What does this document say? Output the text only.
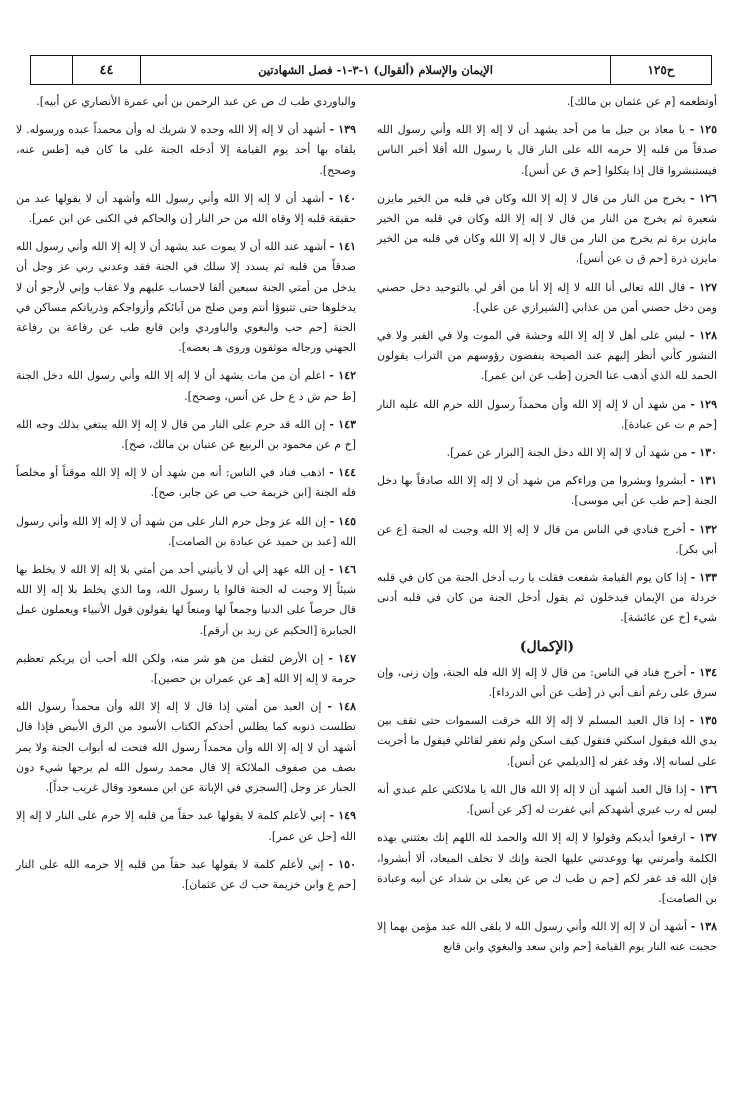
٤٤	الإيمان والإسلام (ألقوال) ١-٣-١- فصل الشهادتين	ح١٢٥

أوتطعمه [م عن عثمان بن مالك].

١٢٥ - يا معاذ بن جبل ما من أحد يشهد أن لا إله إلا الله وأني رسول الله صدقاً من قلبه إلا حرمه الله على النار قال يا رسول الله أفلا أخبر الناس فيستبشروا قال إذا يتكلوا [حم ق عن أنس].

١٢٦ - يخرج من النار من قال لا إله إلا الله وكان في قلبه من الخير مايزن شعيرة ثم يخرج من النار من قال لا إله إلا الله وكان في قلبه من الخير مايزن برة ثم يخرج من النار من قال لا إله إلا الله وكان في قلبه من الخير مايزن ذرة [حم ق ن عن أنس].

١٢٧ - قال الله تعالى أنا الله لا إله إلا أنا من أقر لي بالتوحيد دخل حصني ومن دخل حصني أمن من عذابي [الشيرازي عن علي].

١٢٨ - ليس على أهل لا إله إلا الله وحشة في الموت ولا في القبر ولا في النشور كأني أنظر إليهم عند الصيحة ينفضون رؤوسهم من التراب يقولون الحمد لله الذي أذهب عنا الحزن [طب عن ابن عمر].

١٢٩ - من شهد أن لا إله إلا الله وأن محمداً رسول الله حرم الله عليه النار [حم م ت عن عبادة].

١٣٠ - من شهد أن لا إله إلا الله دخل الجنة [البزار عن عمر].

١٣١ - أبشروا وبشروا من وراءكم من شهد أن لا إله إلا الله صادقاً بها دخل الجنة [حم طب عن أبي موسى].

١٣٢ - أخرج فنادي في الناس من قال لا إله إلا الله وجبت له الجنة [ع عن أبي بكر].

١٣٣ - إذا كان يوم القيامة شفعت فقلت يا رب أدخل الجنة من كان في قلبه خردلة من الإيمان فيدخلون ثم يقول أدخل الجنة من كان في قلبه أدنى شيء [خ عن عائشة].

(الإكمال)

١٣٤ - أخرج فناد في الناس: من قال لا إله إلا الله فله الجنة، وإن زنى، وإن سرق على رغم أنف أبي ذر [طب عن أبي الدرداء].

١٣٥ - إذا قال العبد المسلم لا إله إلا الله خرقت السموات حتى تقف بين يدي الله فيقول اسكني فتقول كيف اسكن ولم تغفر لقائلي فيقول ما أجريت على لسانه إلا، وقد غفر له [الديلمي عن أنس].

١٣٦ - إذا قال العبد أشهد أن لا إله إلا الله قال الله يا ملائكتي علم عبدي أنه ليس له رب غيري أشهدكم أني غفرت له [كر عن أنس].

١٣٧ - ارفعوا أيديكم وقولوا لا إله إلا الله والحمد لله اللهم إنك بعثتني بهذه الكلمة وأمرتني بها ووعدتني عليها الجنة وإنك لا تخلف الميعاد، ألا أبشروا، فإن الله قد غفر لكم [حم ن طب ك ص عن يعلى بن شداد عن أبيه وعبادة بن الصامت].

١٣٨ - أشهد أن لا إله إلا الله وأني رسول الله لا يلقى الله عبد مؤمن بهما إلا حجبت عنه النار يوم القيامة [حم وابن سعد والبغوي وابن قانع

والباوردي طب ك ص عن عبد الرحمن بن أبي عمرة الأنصاري عن أبيه].

١٣٩ - أشهد أن لا إله إلا الله وحده لا شريك له وأن محمداً عبده ورسوله. لا يلقاه بها أحد يوم القيامة إلا أدخله الجنة على ما كان فيه [طس عنه، وصحح].

١٤٠ - أشهد أن لا إله إلا الله وأني رسول الله وأشهد أن لا يقولها عبد من حقيقة قلبه إلا وقاه الله من حر النار [ن والحاكم في الكنى عن ابن عمر].

١٤١ - أشهد عند الله أن لا يموت عبد يشهد أن لا إله إلا الله وأني رسول الله صدقاً من قلبه ثم يسدد إلا سلك في الجنة فقد وعدني ربي عز وجل أن يدخل من أمتي الجنة سبعين ألفا لاحساب عليهم ولا عقاب وإني لأرجو أن لا يدخلوها حتى تتبوؤا أنتم ومن صلح من آبائكم وأزواجكم وذرياتكم مساكن في الجنة [حم حب والبغوي والباوردي وابن قانع طب عن رفاعة بن رفاعة الجهني ورجاله موثقون وروى هـ بعضه].

١٤٢ - اعلم أن من مات يشهد أن لا إله إلا الله وأني رسول الله دخل الجنة [ط حم ش د ع حل عن أنس، وصحح].

١٤٣ - إن الله قد حرم على النار من قال لا إله إلا الله يبتغي بذلك وجه الله [خ م عن محمود بن الربيع عن عتبان بن مالك، صح].

١٤٤ - اذهب فناد في الناس: أنه من شهد أن لا إله إلا الله موقناً أو مخلصاً فله الجنة [ابن خزيمة حب ص عن جابر، صح].

١٤٥ - إن الله عز وجل حرم النار على من شهد أن لا إله إلا الله وأني رسول الله [عبد بن حميد عن عبادة بن الصامت].

١٤٦ - إن الله عهد إلي أن لا يأتيني أحد من أمتي بلا إله إلا الله لا يخلط بها شيئاً إلا وجبت له الجنة قالوا يا رسول الله، وما الذي يخلط بلا إله إلا الله قال حرصاً على الدنيا وجمعاً لها ومنعاً لها يقولون قول الأنبياء ويعملون عمل الجبابرة [الحكيم عن زيد بن أرقم].

١٤٧ - إن الأرض لتقبل من هو شر منه، ولكن الله أحب أن يريكم تعظيم حرمة لا إله إلا الله [هـ عن عمران بن حصين].

١٤٨ - إن العبد من أمتي إذا قال لا إله إلا الله وأن محمداً رسول الله تطلست ذنوبه كما يطلس أحدكم الكتاب الأسود من الرق الأبيض فإذا قال أشهد أن لا إله إلا الله وأن محمداً رسول الله فتحت له أبواب الجنة ولا يمر بصف من صفوف الملائكة إلا قال محمد رسول الله لم يرجها شيء دون الجبار عز وجل [السجزي في الإبانة عن ابن مسعود وقال غريب جداً].

١٤٩ - إني لأعلم كلمة لا يقولها عبد حقاً من قلبه إلا حرم على النار لا إله إلا الله [حل عن عمر].

١٥٠ - إني لأعلم كلمة لا يقولها عبد حقاً من قلبه إلا حرمه الله على النار [حم ع وابن خزيمة حب ك عن عثمان].
